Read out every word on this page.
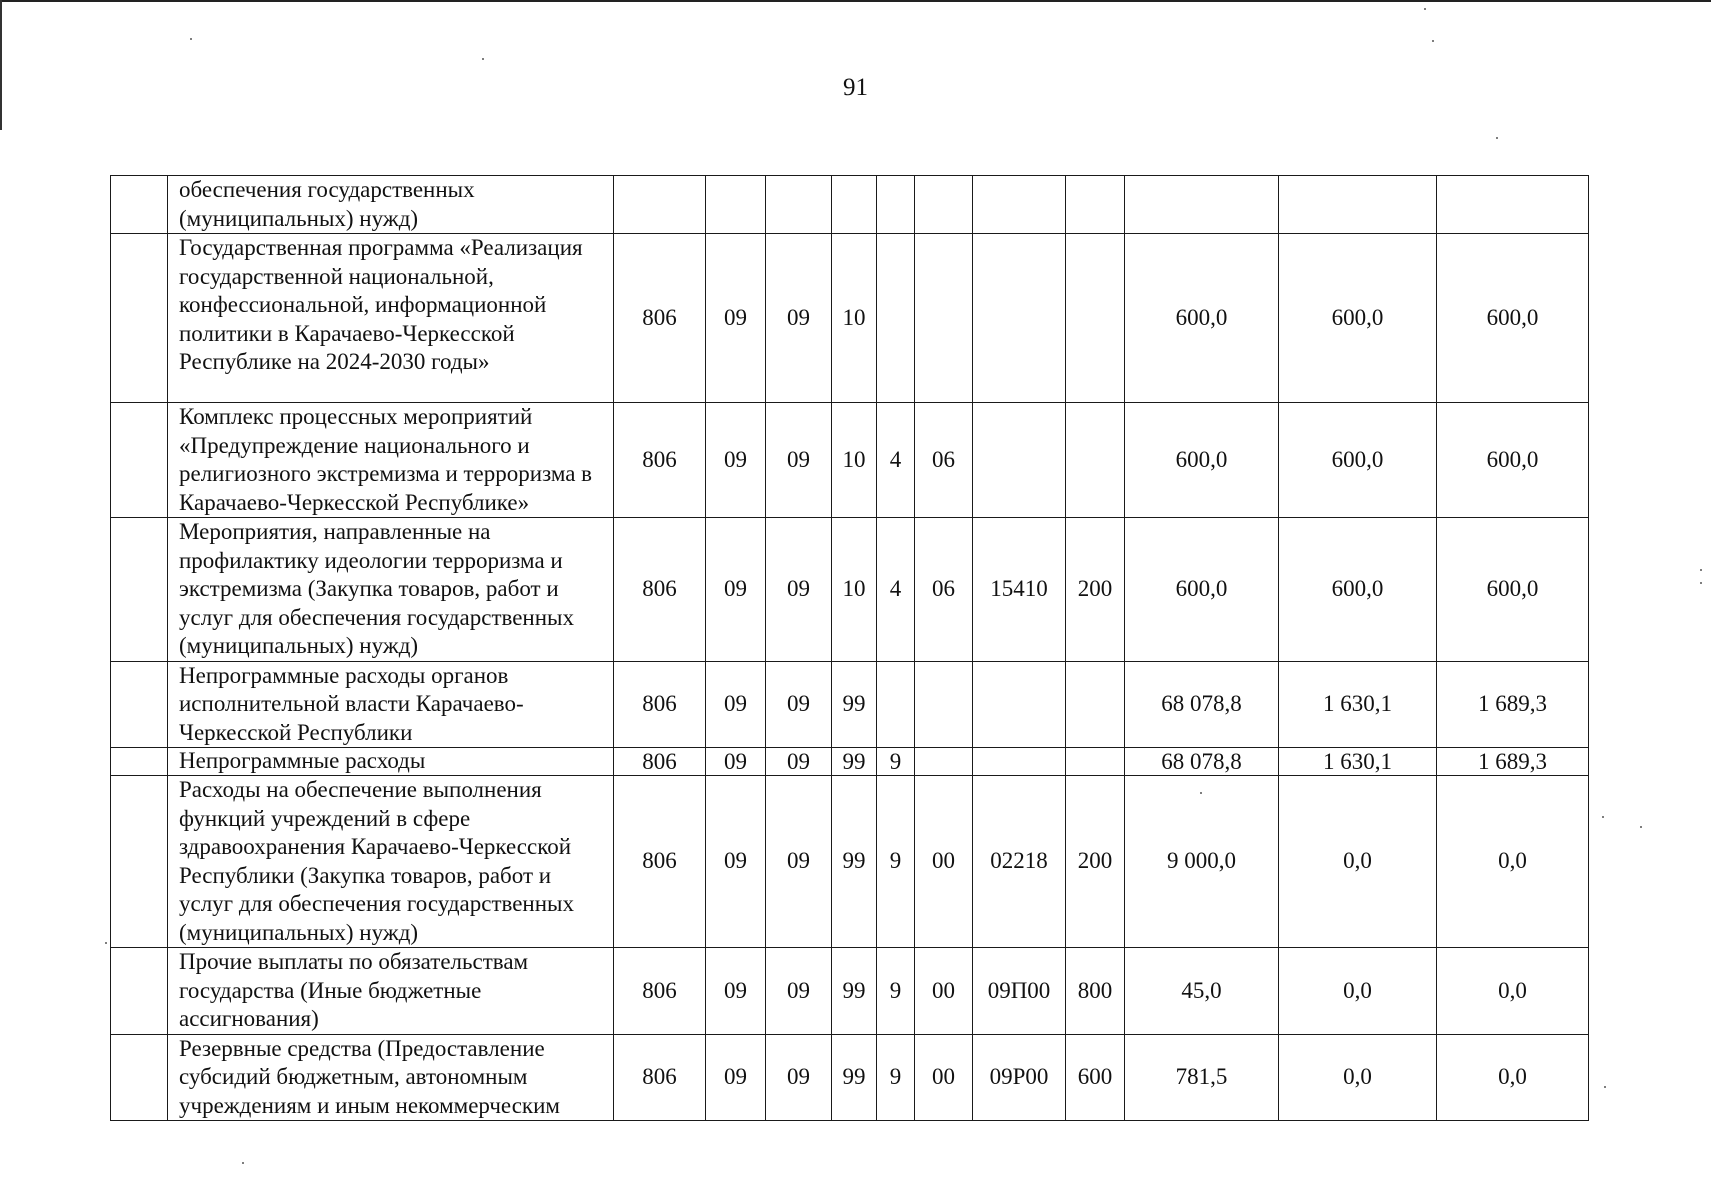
91
	обеспечения государственных (муниципальных) нужд)											
	Государственная программа «Реализация государственной национальной, конфессиональной, информационной политики в Карачаево-Черкесской Республике на 2024-2030 годы»	806	09	09	10					600,0	600,0	600,0
	Комплекс процессных мероприятий «Предупреждение национального и религиозного экстремизма и терроризма в Карачаево-Черкесской Республике»	806	09	09	10	4	06			600,0	600,0	600,0
	Мероприятия, направленные на профилактику идеологии терроризма и экстремизма (Закупка товаров, работ и услуг для обеспечения государственных (муниципальных) нужд)	806	09	09	10	4	06	15410	200	600,0	600,0	600,0
	Непрограммные расходы органов исполнительной власти Карачаево-Черкесской Республики	806	09	09	99					68 078,8	1 630,1	1 689,3
	Непрограммные расходы	806	09	09	99	9				68 078,8	1 630,1	1 689,3
	Расходы на обеспечение выполнения функций учреждений в сфере здравоохранения Карачаево-Черкесской Республики (Закупка товаров, работ и услуг для обеспечения государственных (муниципальных) нужд)	806	09	09	99	9	00	02218	200	9 000,0	0,0	0,0
	Прочие выплаты по обязательствам государства (Иные бюджетные ассигнования)	806	09	09	99	9	00	09П00	800	45,0	0,0	0,0
	Резервные средства (Предоставление субсидий бюджетным, автономным учреждениям и иным некоммерческим	806	09	09	99	9	00	09Р00	600	781,5	0,0	0,0
